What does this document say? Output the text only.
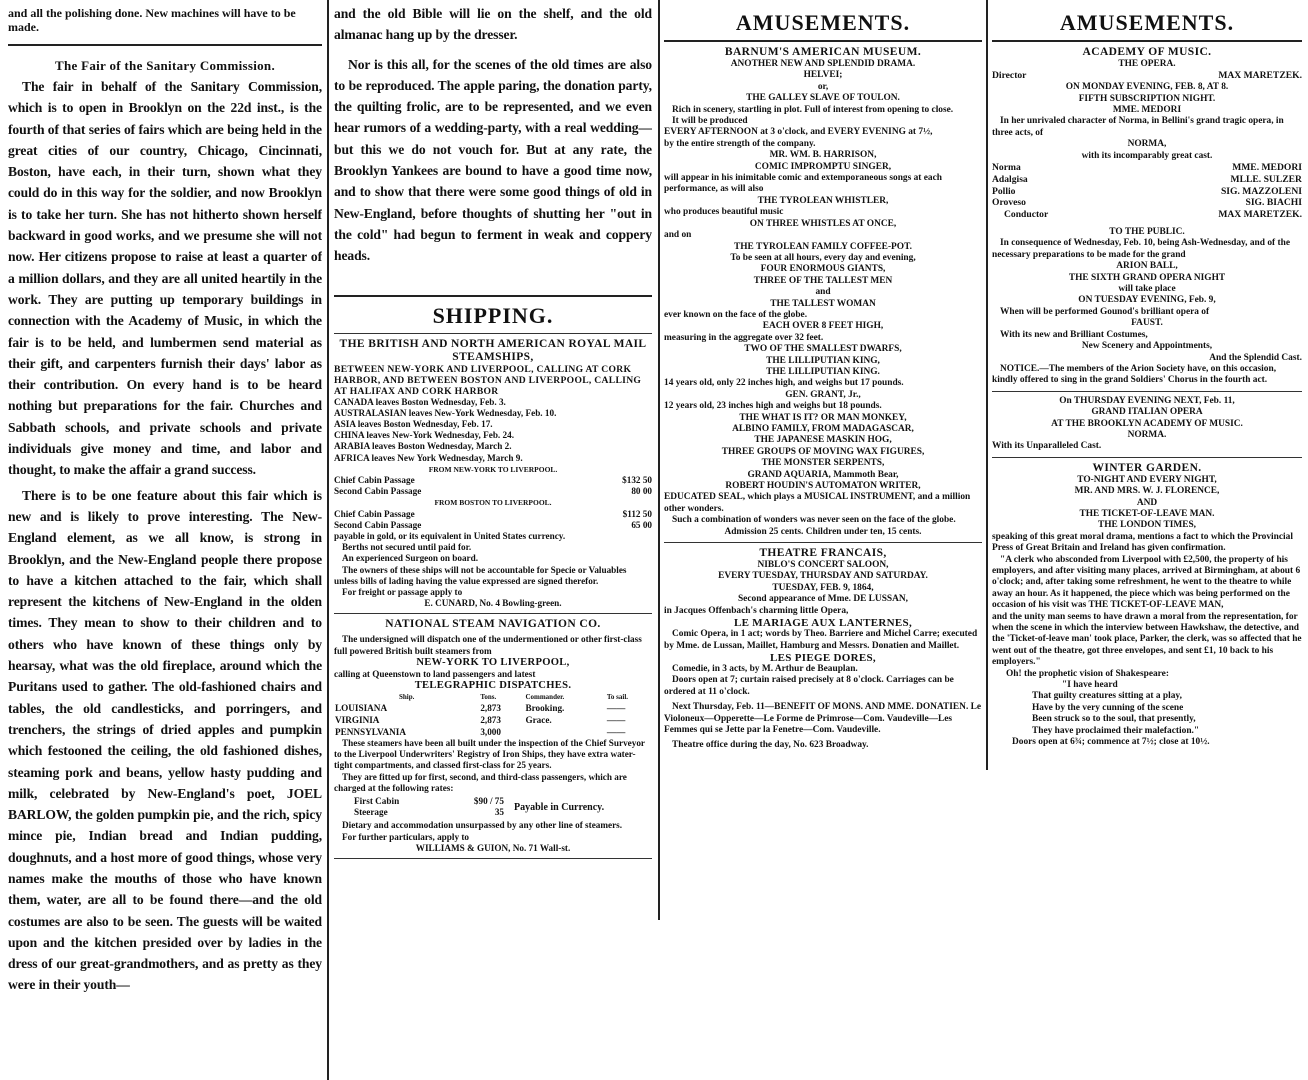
and all the polishing done. New machines will have to be made.

The Fair of the Sanitary Commission.

The fair in behalf of the Sanitary Commission, which is to open in Brooklyn on the 22d inst., is the fourth of that series of fairs which are being held in the great cities of our country, Chicago, Cincinnati, Boston, have each, in their turn, shown what they could do in this way for the soldier, and now Brooklyn is to take her turn. She has not hitherto shown herself backward in good works, and we presume she will not now. Her citizens propose to raise at least a quarter of a million dollars, and they are all united heartily in the work. They are putting up temporary buildings in connection with the Academy of Music, in which the fair is to be held, and lumbermen send material as their gift, and carpenters furnish their days' labor as their contribution. On every hand is to be heard nothing but preparations for the fair. Churches and Sabbath schools, and private schools and private individuals give money and time, and labor and thought, to make the affair a grand success.

There is to be one feature about this fair which is new and is likely to prove interesting. The New-England element, as we all know, is strong in Brooklyn, and the New-England people there propose to have a kitchen attached to the fair, which shall represent the kitchens of New-England in the olden times. They mean to show to their children and to others who have known of these things only by hearsay, what was the old fireplace, around which the Puritans used to gather. The old-fashioned chairs and tables, the old candlesticks, and porringers, and trenchers, the strings of dried apples and pumpkin which festooned the ceiling, the old fashioned dishes, steaming pork and beans, yellow hasty pudding and milk, celebrated by New-England's poet, JOEL BARLOW, the golden pumpkin pie, and the rich, spicy mince pie, Indian bread and Indian pudding, doughnuts, and a host more of good things, whose very names make the mouths of those who have known them, water, are all to be found there—and the old costumes are also to be seen. The guests will be waited upon and the kitchen presided over by ladies in the dress of our great-grandmothers, and as pretty as they were in their youth—

and the old Bible will lie on the shelf, and the old almanac hang up by the dresser.

Nor is this all, for the scenes of the old times are also to be reproduced. The apple paring, the donation party, the quilting frolic, are to be represented, and we even hear rumors of a wedding-party, with a real wedding—but this we do not vouch for. But at any rate, the Brooklyn Yankees are bound to have a good time now, and to show that there were some good things of old in New-England, before thoughts of shutting her "out in the cold" had begun to ferment in weak and coppery heads.

SHIPPING.
THE BRITISH AND NORTH AMERICAN ROYAL MAIL STEAMSHIPS,

BETWEEN NEW-YORK AND LIVERPOOL, CALLING AT CORK HARBOR, AND BETWEEN BOSTON AND LIVERPOOL, CALLING AT HALIFAX AND CORK HARBOR

CANADA leaves Boston Wednesday, Feb. 3.

AUSTRALASIAN leaves New-York Wednesday, Feb. 10.

ASIA leaves Boston Wednesday, Feb. 17.

CHINA leaves New-York Wednesday, Feb. 24.

ARABIA leaves Boston Wednesday, March 2.

AFRICA leaves New York Wednesday, March 9.

FROM NEW-YORK TO LIVERPOOL.

Chief Cabin Passage	$132 50
Second Cabin Passage	80 00

FROM BOSTON TO LIVERPOOL.

Chief Cabin Passage	$112 50
Second Cabin Passage	65 00

payable in gold, or its equivalent in United States currency.

Berths not secured until paid for.

An experienced Surgeon on board.

The owners of these ships will not be accountable for Specie or Valuables unless bills of lading having the value expressed are signed therefor.

For freight or passage apply to

E. CUNARD, No. 4 Bowling-green.

NATIONAL STEAM NAVIGATION CO.

The undersigned will dispatch one of the undermentioned or other first-class full powered British built steamers from

NEW-YORK TO LIVERPOOL,

calling at Queenstown to land passengers and latest

TELEGRAPHIC DISPATCHES.

Ship.	Tons.	Commander.	To sail.
LOUISIANA	2,873	Brooking.	——
VIRGINIA	2,873	Grace.	——
PENNSYLVANIA	3,000		——

These steamers have been all built under the inspection of the Chief Surveyor to the Liverpool Underwriters' Registry of Iron Ships, they have extra water-tight compartments, and classed first-class for 25 years.

They are fitted up for first, second, and third-class passengers, which are charged at the following rates:

First Cabin	$90 / 75
Steerage	35 Payable in Currency.

Dietary and accommodation unsurpassed by any other line of steamers.

For further particulars, apply to

WILLIAMS & GUION, No. 71 Wall-st.

AMUSEMENTS.
BARNUM'S AMERICAN MUSEUM.

ANOTHER NEW AND SPLENDID DRAMA.

HELVEI;

or,

THE GALLEY SLAVE OF TOULON.

Rich in scenery, startling in plot. Full of interest from opening to close.

It will be produced

EVERY AFTERNOON at 3 o'clock, and EVERY EVENING at 7½,

by the entire strength of the company.

MR. WM. B. HARRISON,

COMIC IMPROMPTU SINGER,

will appear in his inimitable comic and extemporaneous songs at each performance, as will also

THE TYROLEAN WHISTLER,

who produces beautiful music

ON THREE WHISTLES AT ONCE,

and on

THE TYROLEAN FAMILY COFFEE-POT.

To be seen at all hours, every day and evening,

FOUR ENORMOUS GIANTS,

THREE OF THE TALLEST MEN

and

THE TALLEST WOMAN

ever known on the face of the globe.

EACH OVER 8 FEET HIGH,

measuring in the aggregate over 32 feet.

TWO OF THE SMALLEST DWARFS,

THE LILLIPUTIAN KING,

THE LILLIPUTIAN KING.

14 years old, only 22 inches high, and weighs but 17 pounds.

GEN. GRANT, Jr.,

12 years old, 23 inches high and weighs but 18 pounds.

THE WHAT IS IT? OR MAN MONKEY,

ALBINO FAMILY, FROM MADAGASCAR,

THE JAPANESE MASKIN HOG,

THREE GROUPS OF MOVING WAX FIGURES,

THE MONSTER SERPENTS,

GRAND AQUARIA, Mammoth Bear,

ROBERT HOUDIN'S AUTOMATON WRITER,

EDUCATED SEAL, which plays a MUSICAL INSTRUMENT, and a million other wonders.

Such a combination of wonders was never seen on the face of the globe.

Admission 25 cents. Children under ten, 15 cents.

THEATRE FRANCAIS,

NIBLO'S CONCERT SALOON,

EVERY TUESDAY, THURSDAY AND SATURDAY.

TUESDAY, FEB. 9, 1864,

Second appearance of Mme. DE LUSSAN,

in Jacques Offenbach's charming little Opera,

LE MARIAGE AUX LANTERNES,

Comic Opera, in 1 act; words by Theo. Barriere and Michel Carre; executed by Mme. de Lussan, Maillet, Hamburg and Messrs. Donatien and Maillet.

LES PIEGE DORES,

Comedie, in 3 acts, by M. Arthur de Beauplan.

Doors open at 7; curtain raised precisely at 8 o'clock. Carriages can be ordered at 11 o'clock.

Next Thursday, Feb. 11—BENEFIT OF MONS. AND MME. DONATIEN. Le Violoneux—Opperette—Le Forme de Primrose—Com. Vaudeville—Les Femmes qui se Jette par la Fenetre—Com. Vaudeville.

Theatre office during the day, No. 623 Broadway.

AMUSEMENTS.
ACADEMY OF MUSIC.

THE OPERA.

Director	MAX MARETZEK.

ON MONDAY EVENING, FEB. 8, AT 8.

FIFTH SUBSCRIPTION NIGHT.

MME. MEDORI

In her unrivaled character of Norma, in Bellini's grand tragic opera, in three acts, of

NORMA,

with its incomparably great cast.

Norma	MME. MEDORI
Adalgisa	MLLE. SULZER
Pollio	SIG. MAZZOLENI
Oroveso	SIG. BIACHI
Conductor	MAX MARETZEK.

TO THE PUBLIC.

In consequence of Wednesday, Feb. 10, being Ash-Wednesday, and of the necessary preparations to be made for the grand

ARION BALL,

THE SIXTH GRAND OPERA NIGHT

will take place

ON TUESDAY EVENING, Feb. 9,

When will be performed Gounod's brilliant opera of

FAUST.

With its new and Brilliant Costumes,

New Scenery and Appointments,

And the Splendid Cast.

NOTICE.—The members of the Arion Society have, on this occasion, kindly offered to sing in the grand Soldiers' Chorus in the fourth act.

On THURSDAY EVENING NEXT, Feb. 11,

GRAND ITALIAN OPERA

AT THE BROOKLYN ACADEMY OF MUSIC.

NORMA.

With its Unparalleled Cast.

WINTER GARDEN.

TO-NIGHT AND EVERY NIGHT,

MR. AND MRS. W. J. FLORENCE,

AND

THE TICKET-OF-LEAVE MAN.

THE LONDON TIMES,

speaking of this great moral drama, mentions a fact to which the Provincial Press of Great Britain and Ireland has given confirmation.

"A clerk who absconded from Liverpool with £2,500, the property of his employers, and after visiting many places, arrived at Birmingham, at about 6 o'clock; and, after taking some refreshment, he went to the theatre to while away an hour. As it happened, the piece which was being performed on the occasion of his visit was THE TICKET-OF-LEAVE MAN,

and the unity man seems to have drawn a moral from the representation, for when the scene in which the interview between Hawkshaw, the detective, and the 'Ticket-of-leave man' took place, Parker, the clerk, was so affected that he went out of the theatre, got three envelopes, and sent £1, 10 back to his employers."

Oh! the prophetic vision of Shakespeare:

"I have heard

That guilty creatures sitting at a play,

Have by the very cunning of the scene

Been struck so to the soul, that presently,

They have proclaimed their malefaction."

Doors open at 6¾; commence at 7½; close at 10½.
